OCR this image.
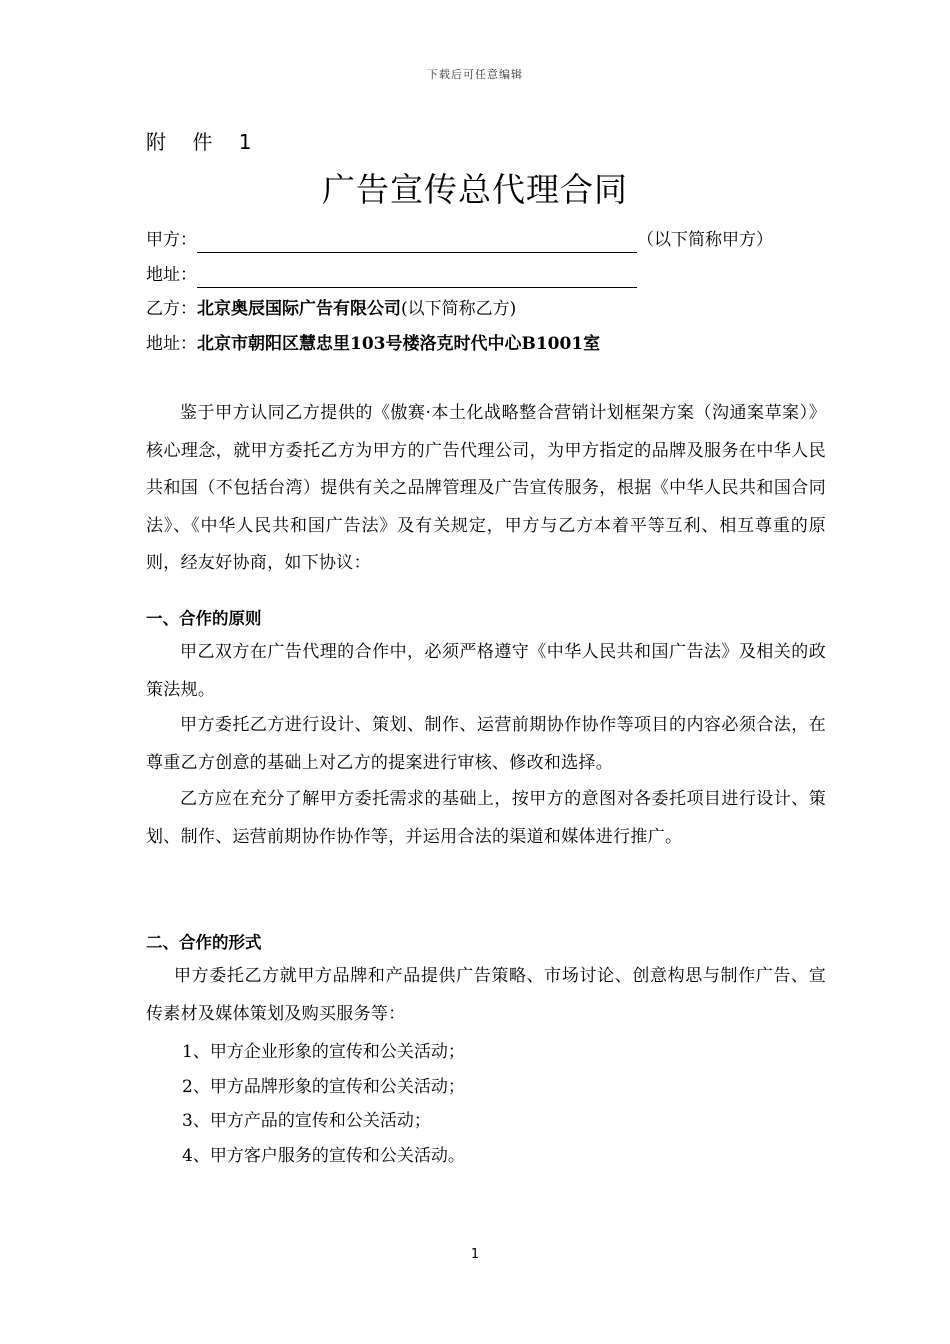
下载后可任意编辑
附 件 1
广告宣传总代理合同
甲方：	（以下简称甲方）
地址：
乙方：北京奥辰国际广告有限公司(以下简称乙方)
地址：北京市朝阳区慧忠里103号楼洛克时代中心B1001室
鉴于甲方认同乙方提供的《傲赛·本土化战略整合营销计划框架方案（沟通案草案）》核心理念，就甲方委托乙方为甲方的广告代理公司，为甲方指定的品牌及服务在中华人民共和国（不包括台湾）提供有关之品牌管理及广告宣传服务，根据《中华人民共和国合同法》、《中华人民共和国广告法》及有关规定，甲方与乙方本着平等互利、相互尊重的原则，经友好协商，如下协议：
一、合作的原则
甲乙双方在广告代理的合作中，必须严格遵守《中华人民共和国广告法》及相关的政策法规。
甲方委托乙方进行设计、策划、制作、运营前期协作协作等项目的内容必须合法，在尊重乙方创意的基础上对乙方的提案进行审核、修改和选择。
乙方应在充分了解甲方委托需求的基础上，按甲方的意图对各委托项目进行设计、策划、制作、运营前期协作协作等，并运用合法的渠道和媒体进行推广。
二、合作的形式
甲方委托乙方就甲方品牌和产品提供广告策略、市场讨论、创意构思与制作广告、宣传素材及媒体策划及购买服务等：
1、甲方企业形象的宣传和公关活动；
2、甲方品牌形象的宣传和公关活动；
3、甲方产品的宣传和公关活动；
4、甲方客户服务的宣传和公关活动。
1
